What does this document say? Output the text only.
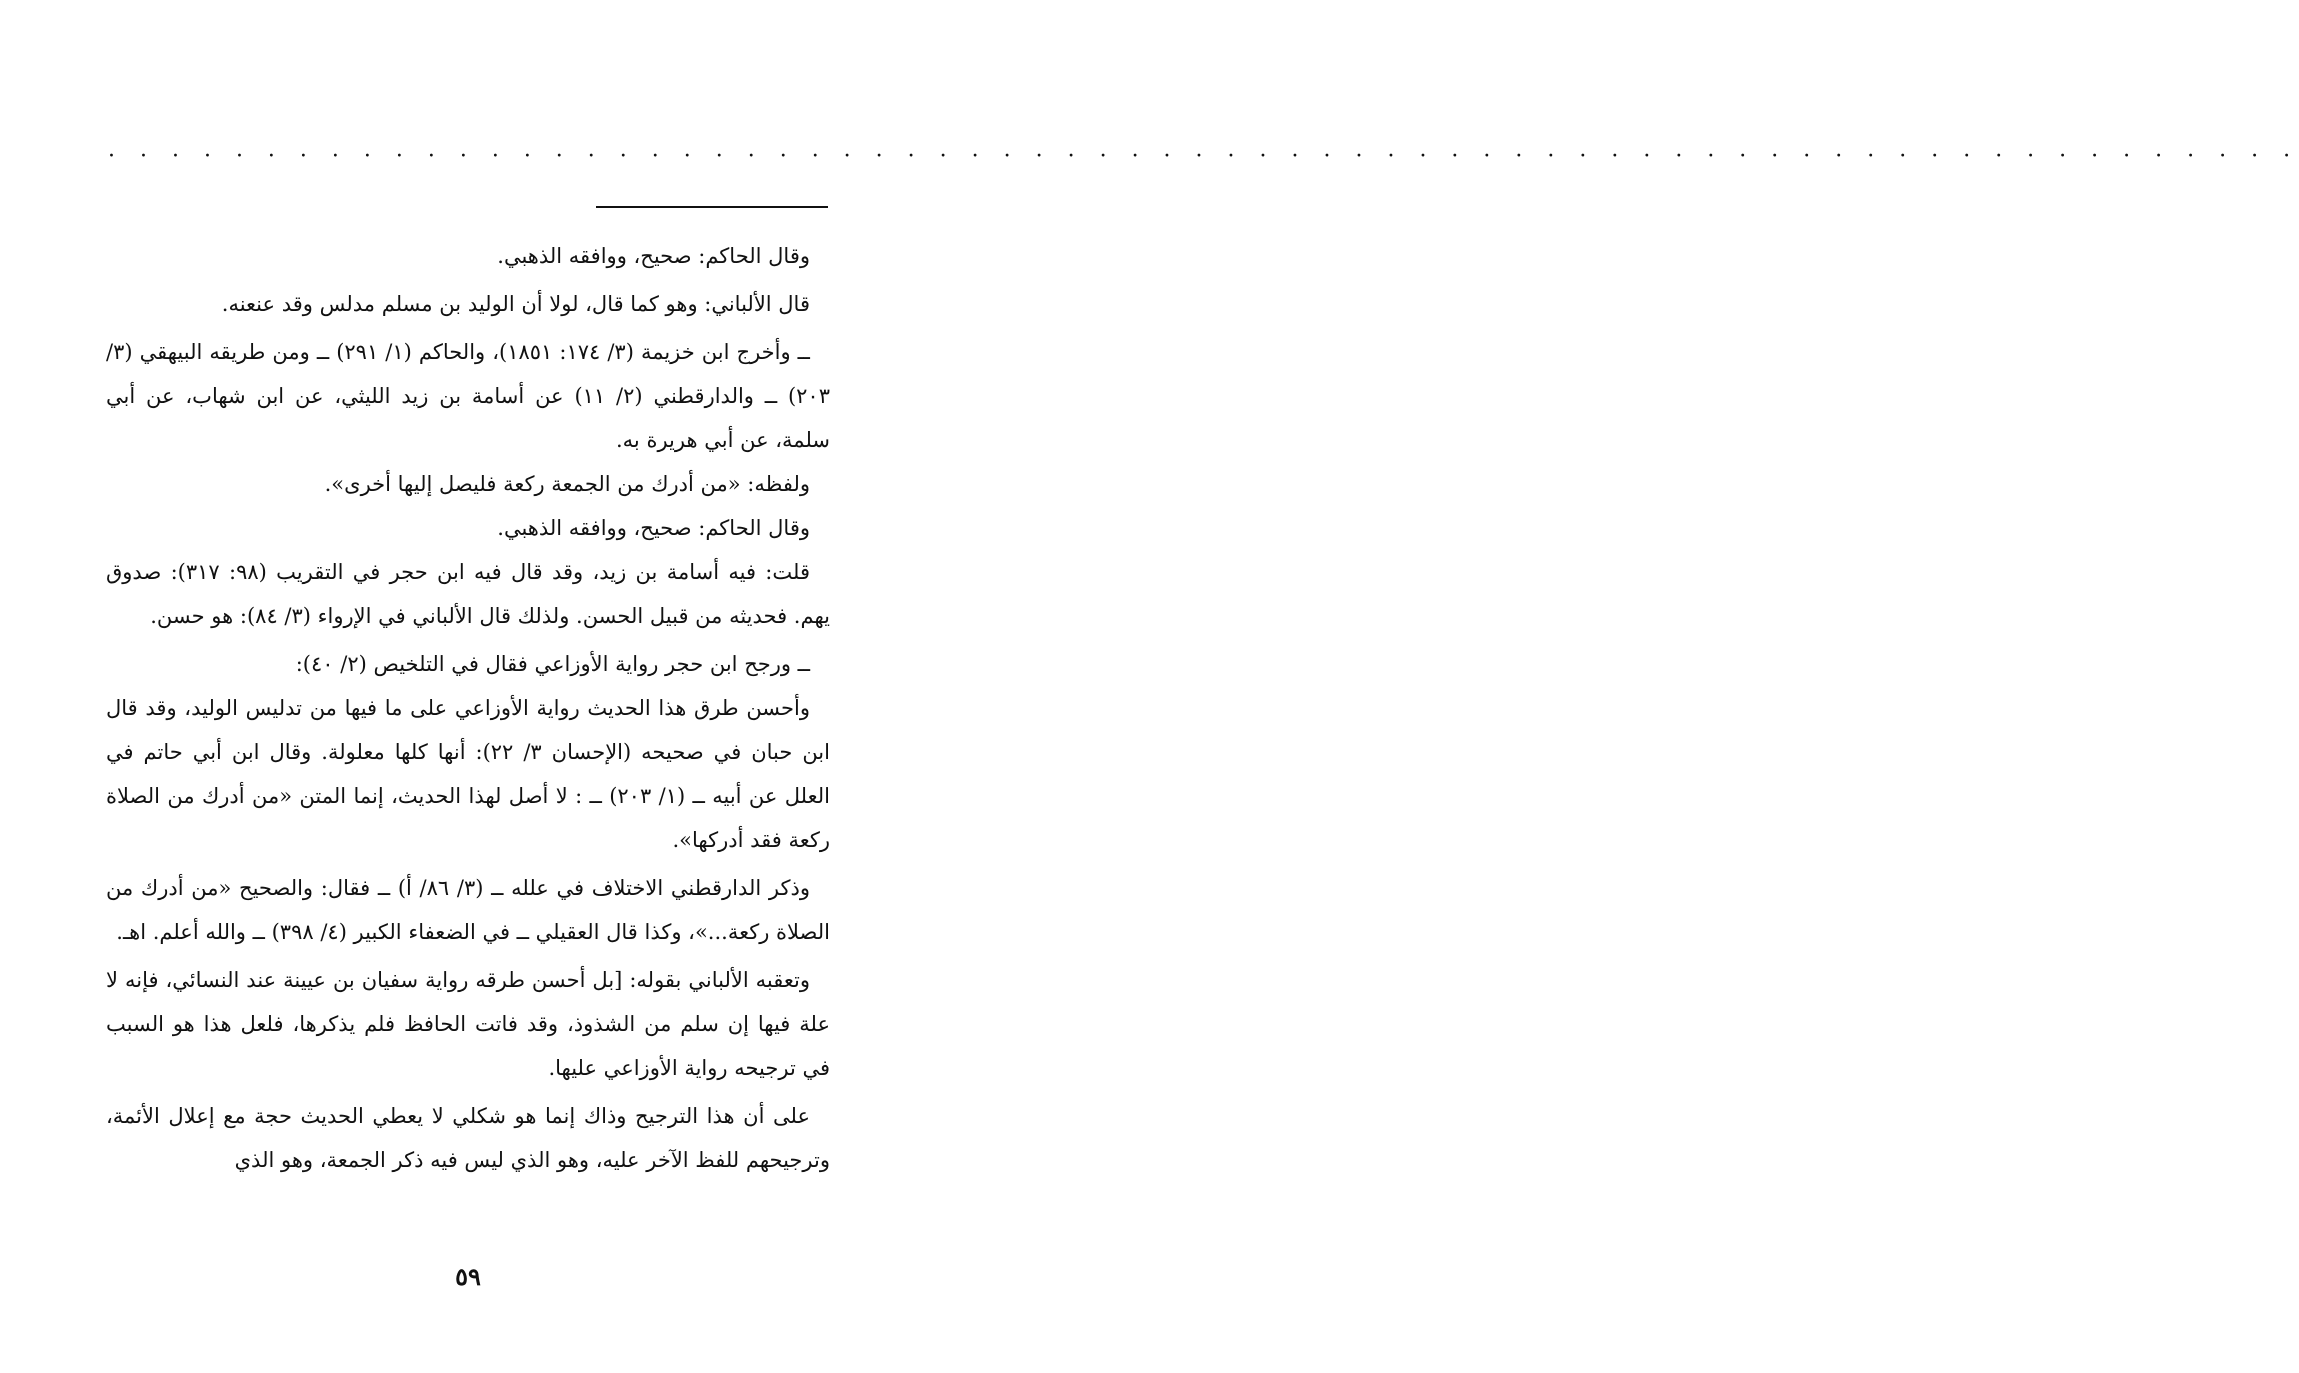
· · · · · · · · · · · · · · · · · · · · · · · · · · · · · · · · · · · · · · · · · · · · · · · · · · · · · · · · · · · · · · · · · · · · ·

وقال الحاكم: صحيح، ووافقه الذهبي.

قال الألباني: وهو كما قال، لولا أن الوليد بن مسلم مدلس وقد عنعنه.

ــ وأخرج ابن خزيمة (٣/ ١٧٤: ١٨٥١)، والحاكم (١/ ٢٩١) ــ ومن طريقه البيهقي (٣/ ٢٠٣) ــ والدارقطني (٢/ ١١) عن أسامة بن زيد الليثي، عن ابن شهاب، عن أبي سلمة، عن أبي هريرة به.

ولفظه: «من أدرك من الجمعة ركعة فليصل إليها أخرى».

وقال الحاكم: صحيح، ووافقه الذهبي.

قلت: فيه أسامة بن زيد، وقد قال فيه ابن حجر في التقريب (٩٨: ٣١٧): صدوق يهم. فحديثه من قبيل الحسن. ولذلك قال الألباني في الإرواء (٣/ ٨٤): هو حسن.

ــ ورجح ابن حجر رواية الأوزاعي فقال في التلخيص (٢/ ٤٠):

وأحسن طرق هذا الحديث رواية الأوزاعي على ما فيها من تدليس الوليد، وقد قال ابن حبان في صحيحه (الإحسان ٣/ ٢٢): أنها كلها معلولة. وقال ابن أبي حاتم في العلل عن أبيه ــ (١/ ٢٠٣) ــ : لا أصل لهذا الحديث، إنما المتن «من أدرك من الصلاة ركعة فقد أدركها».

وذكر الدارقطني الاختلاف في علله ــ (٣/ ٨٦/ أ) ــ فقال: والصحيح «من أدرك من الصلاة ركعة...»، وكذا قال العقيلي ــ في الضعفاء الكبير (٤/ ٣٩٨) ــ والله أعلم. اهـ.

وتعقبه الألباني بقوله: [بل أحسن طرقه رواية سفيان بن عيينة عند النسائي، فإنه لا علة فيها إن سلم من الشذوذ، وقد فاتت الحافظ فلم يذكرها، فلعل هذا هو السبب في ترجيحه رواية الأوزاعي عليها.

على أن هذا الترجيح وذاك إنما هو شكلي لا يعطي الحديث حجة مع إعلال الأئمة، وترجيحهم للفظ الآخر عليه، وهو الذي ليس فيه ذكر الجمعة، وهو الذي

٥٩
